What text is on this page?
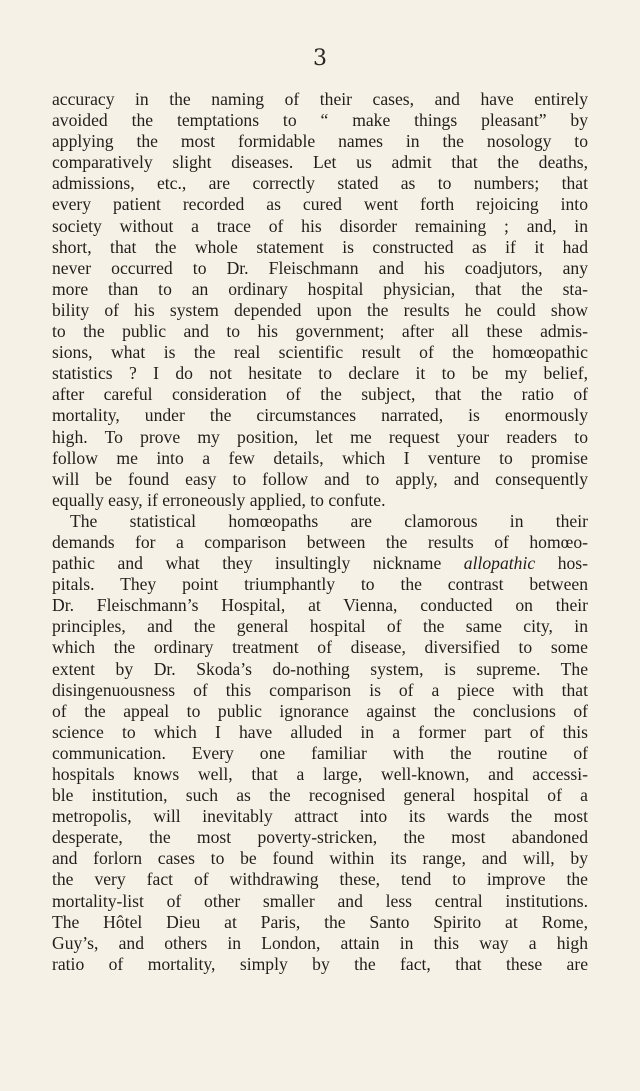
3
accuracy in the naming of their cases, and have entirely
avoided the temptations to “ make things pleasant” by
applying the most formidable names in the nosology to
comparatively slight diseases. Let us admit that the deaths,
admissions, etc., are correctly stated as to numbers; that
every patient recorded as cured went forth rejoicing into
society without a trace of his disorder remaining ; and, in
short, that the whole statement is constructed as if it had
never occurred to Dr. Fleischmann and his coadjutors, any
more than to an ordinary hospital physician, that the sta-
bility of his system depended upon the results he could show
to the public and to his government; after all these admis-
sions, what is the real scientific result of the homœopathic
statistics ? I do not hesitate to declare it to be my belief,
after careful consideration of the subject, that the ratio of
mortality, under the circumstances narrated, is enormously
high. To prove my position, let me request your readers to
follow me into a few details, which I venture to promise
will be found easy to follow and to apply, and consequently
equally easy, if erroneously applied, to confute.
The statistical homœopaths are clamorous in their
demands for a comparison between the results of homœo-
pathic and what they insultingly nickname allopathic hos-
pitals. They point triumphantly to the contrast between
Dr. Fleischmann’s Hospital, at Vienna, conducted on their
principles, and the general hospital of the same city, in
which the ordinary treatment of disease, diversified to some
extent by Dr. Skoda’s do-nothing system, is supreme. The
disingenuousness of this comparison is of a piece with that
of the appeal to public ignorance against the conclusions of
science to which I have alluded in a former part of this
communication. Every one familiar with the routine of
hospitals knows well, that a large, well-known, and accessi-
ble institution, such as the recognised general hospital of a
metropolis, will inevitably attract into its wards the most
desperate, the most poverty-stricken, the most abandoned
and forlorn cases to be found within its range, and will, by
the very fact of withdrawing these, tend to improve the
mortality-list of other smaller and less central institutions.
The Hôtel Dieu at Paris, the Santo Spirito at Rome,
Guy’s, and others in London, attain in this way a high
ratio of mortality, simply by the fact, that these are
